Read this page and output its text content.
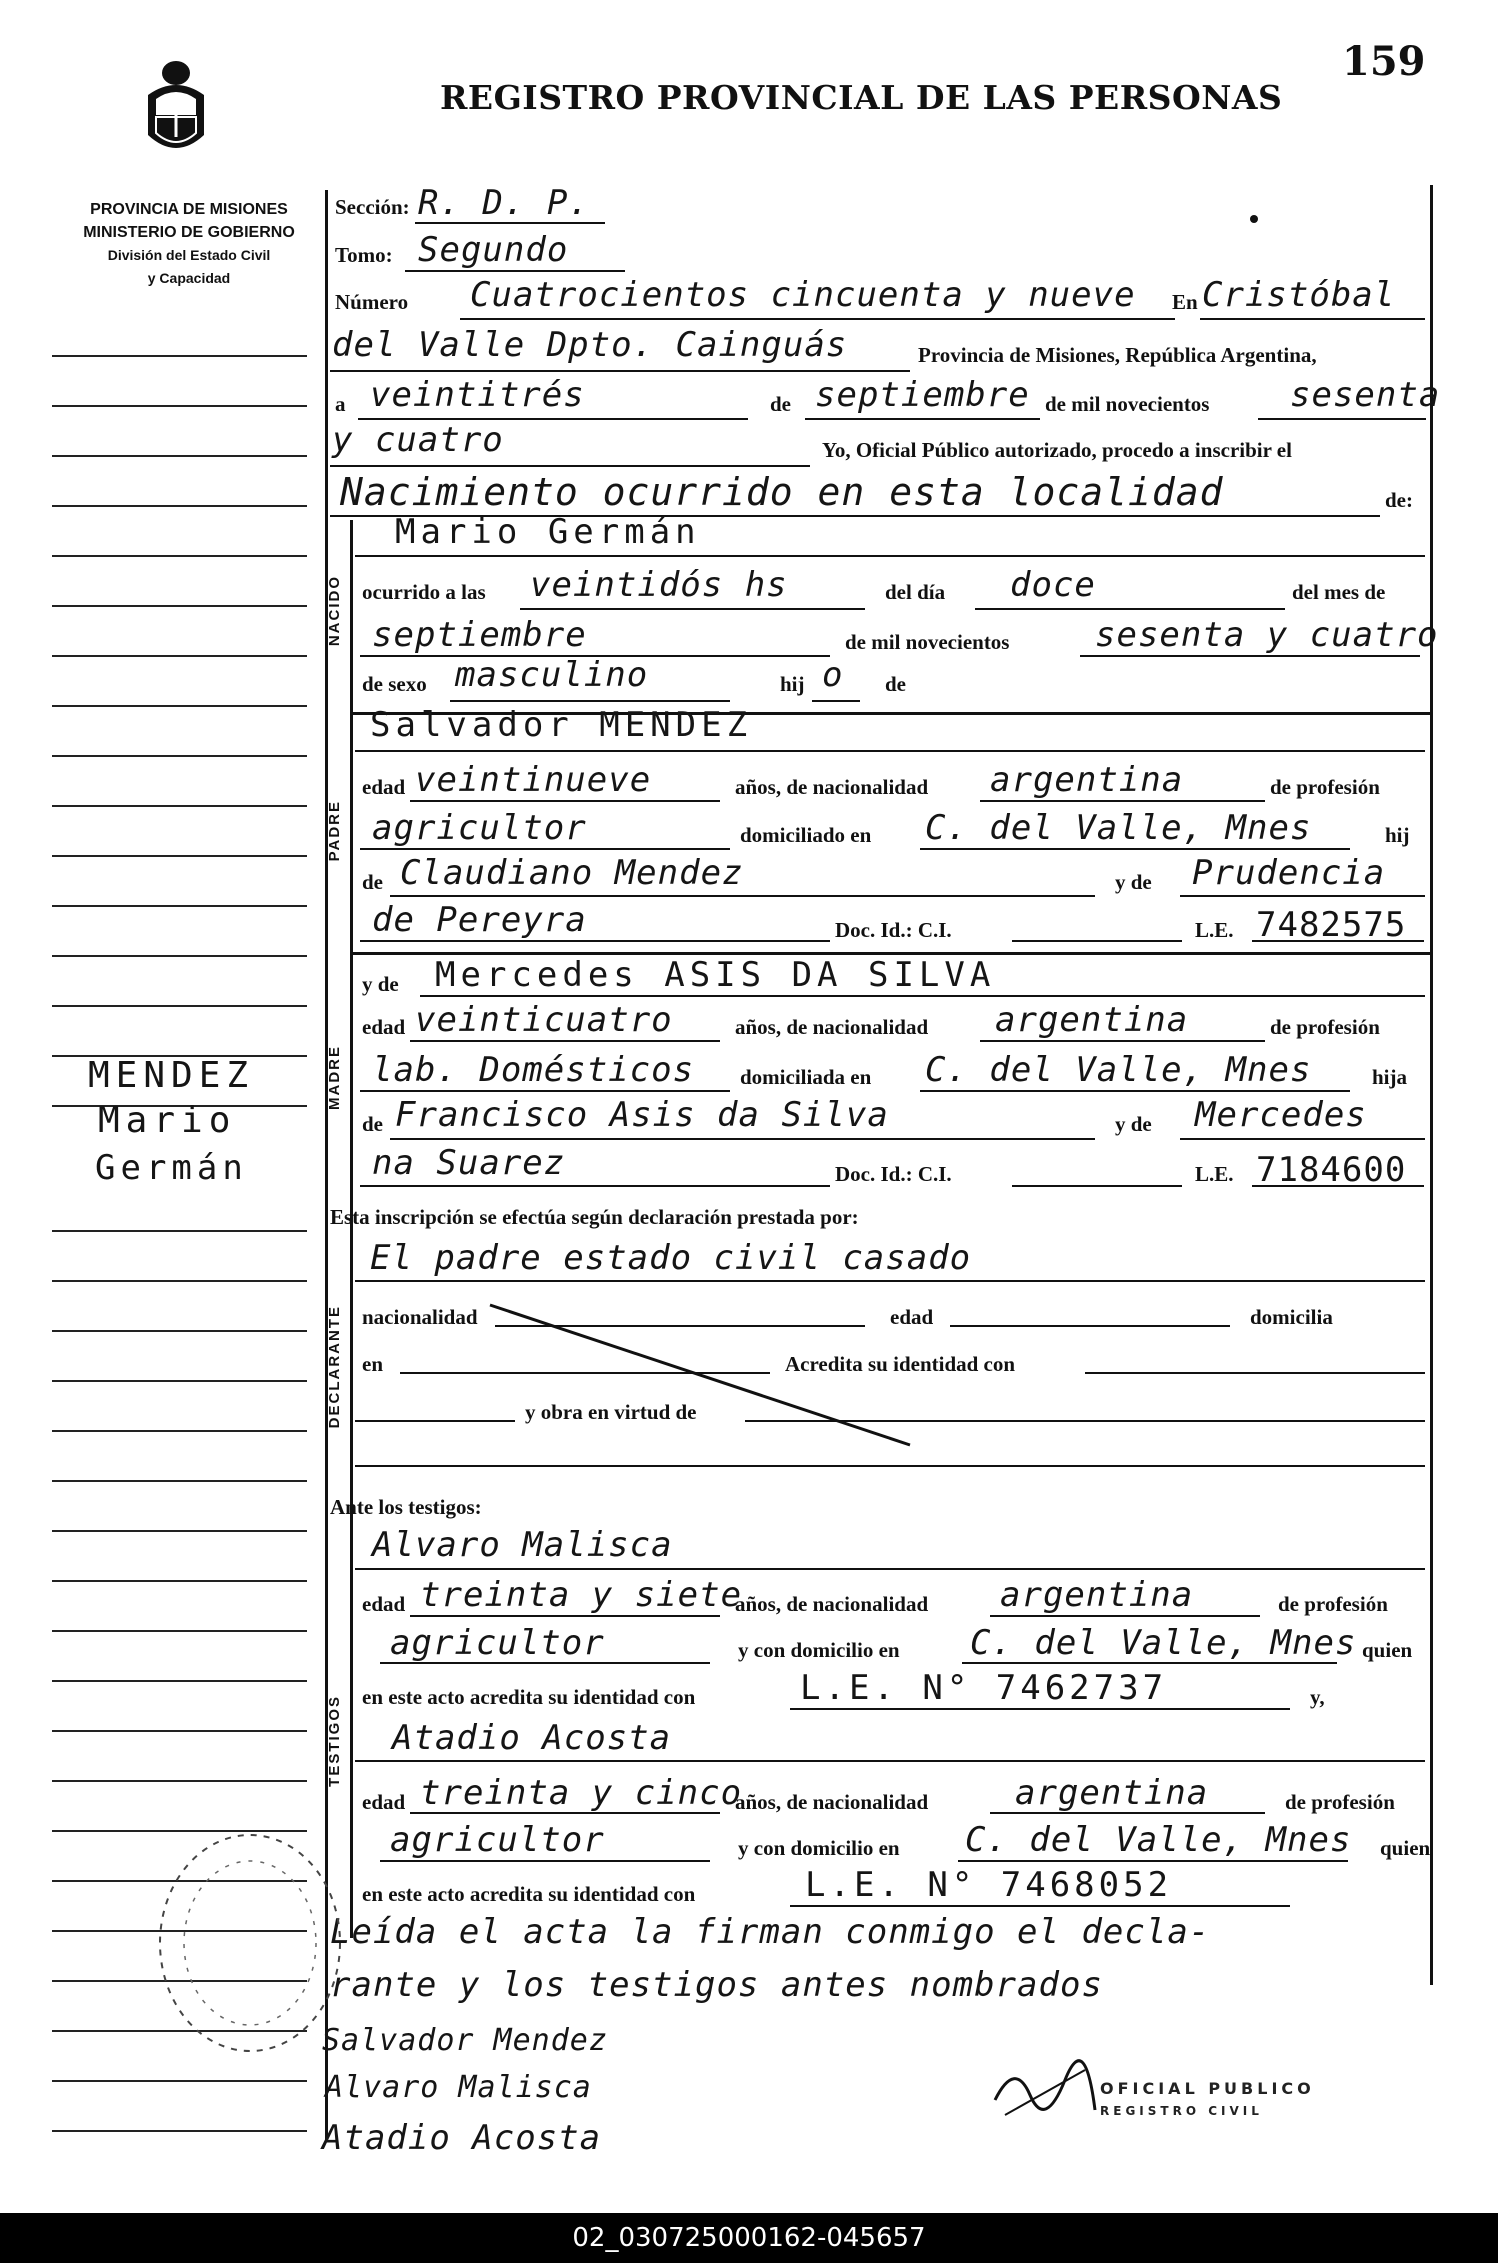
159
REGISTRO PROVINCIAL DE LAS PERSONAS
PROVINCIA DE MISIONES
MINISTERIO DE GOBIERNO
División del Estado Civil
y Capacidad
MENDEZ
Mario
Germán
NACIDO
PADRE
MADRE
DECLARANTE
TESTIGOS
Sección: R. D. P.
Tomo: Segundo
Número Cuatrocientos cincuenta y nueve En Cristóbal
del Valle Dpto. Cainguás	Provincia de Misiones, República Argentina,
a veintitrés	de septiembre de mil novecientos sesenta
y cuatro	Yo, Oficial Público autorizado, procedo a inscribir el
Nacimiento ocurrido en esta localidad	de:
Mario Germán
ocurrido a las veintidós hs	del día doce	del mes de
septiembre	de mil novecientos	sesenta y cuatro
de sexo masculino	hij o de
Salvador MENDEZ
edad veintinueve	años, de nacionalidad argentina	de profesión
agricultor	domiciliado en C. del Valle, Mnes	hij
de Claudiano Mendez	y de Prudencia
de Pereyra	Doc. Id.: C.I.	L.E. 7482575
y de Mercedes ASIS DA SILVA
edad veinticuatro	años, de nacionalidad argentina	de profesión
lab. Domésticos domiciliada en C. del Valle, Mnes	hija
de Francisco Asis da Silva	y de Mercedes
na Suarez	Doc. Id.: C.I.	L.E. 7184600
Esta inscripción se efectúa según declaración prestada por:
El padre estado civil casado
nacionalidad	edad	domicilia
en	Acredita su identidad con
y obra en virtud de
Ante los testigos:
Alvaro Malisca
edad treinta y siete
años, de nacionalidad argentina	de profesión
agricultor	y con domicilio en C. del Valle, Mnes quien
en este acto acredita su identidad con	L.E. N° 7462737	y,
Atadio Acosta
edad treinta y cinco
años, de nacionalidad	argentina	de profesión
agricultor	y con domicilio en C. del Valle, Mnes quien
en este acto acredita su identidad con	L.E. N° 7468052
Leída el acta la firman conmigo el decla-
rante y los testigos antes nombrados
Salvador Mendez
Alvaro Malisca
Atadio Acosta
OFICIAL PUBLICO
REGISTRO CIVIL
02_030725000162-045657
